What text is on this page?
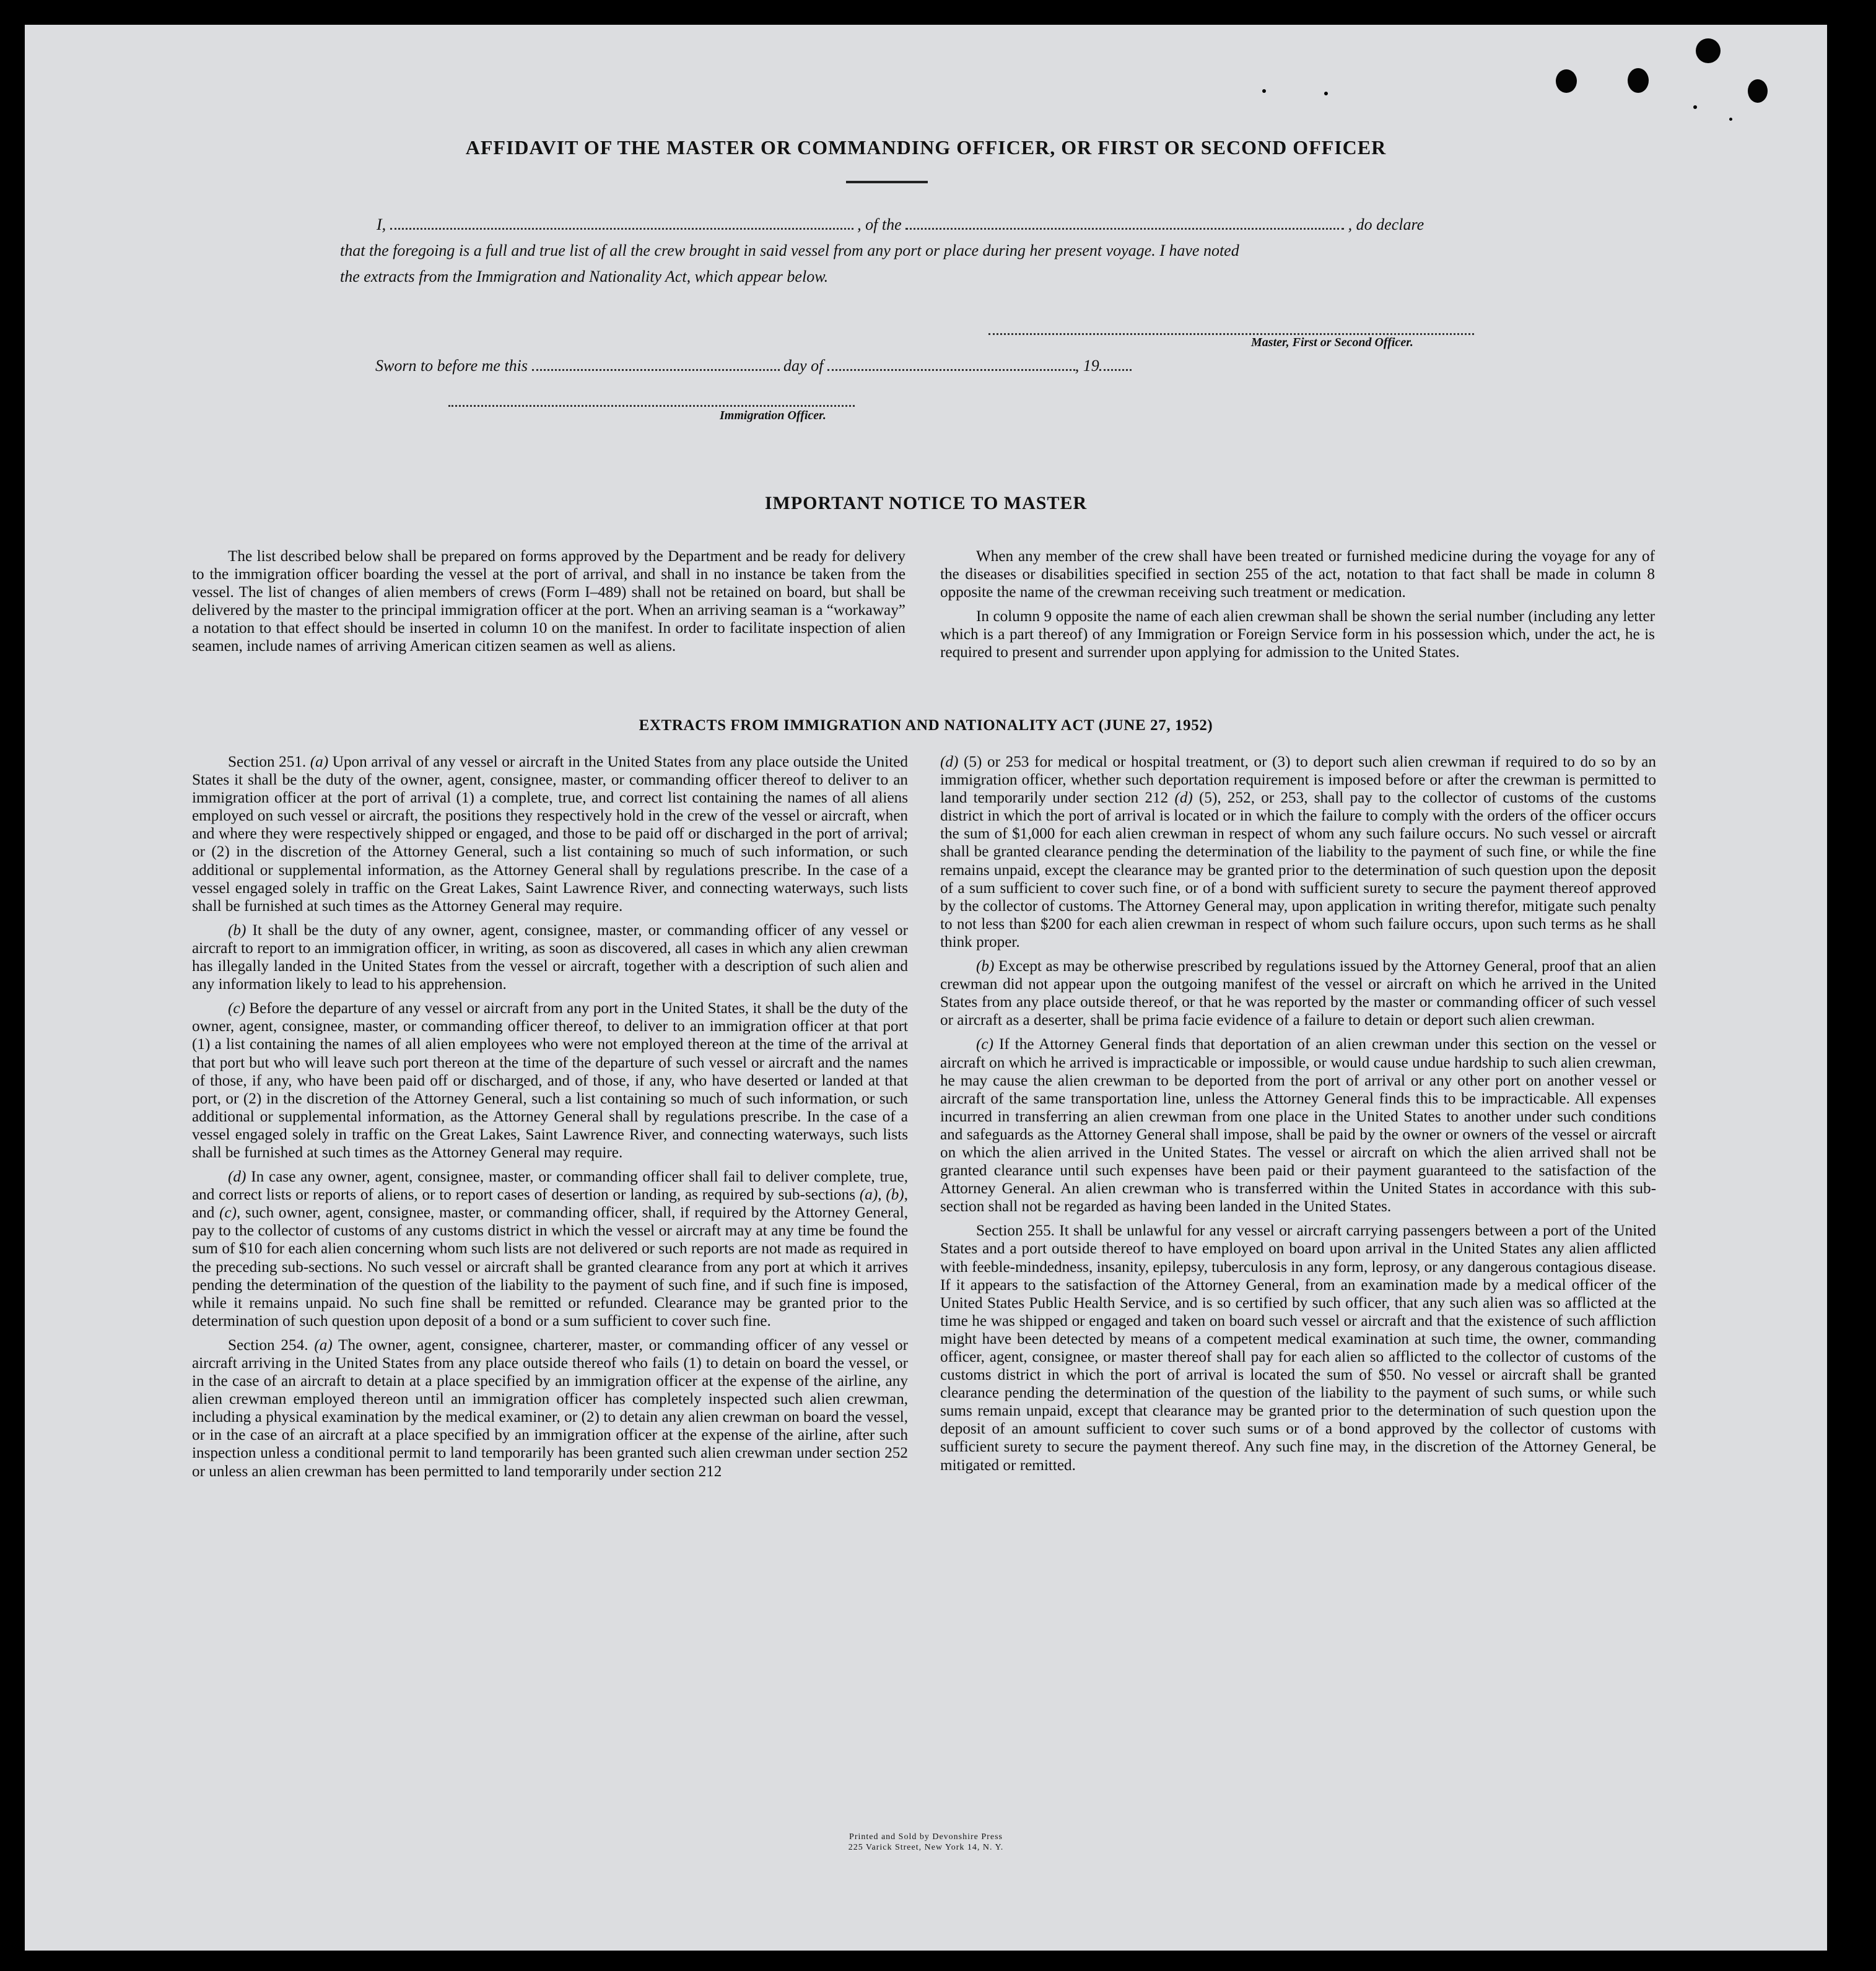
AFFIDAVIT OF THE MASTER OR COMMANDING OFFICER, OR FIRST OR SECOND OFFICER
I,	, of the	, do declare
that the foregoing is a full and true list of all the crew brought in said vessel from any port or place during her present voyage. I have noted
the extracts from the Immigration and Nationality Act, which appear below.
Master, First or Second Officer.
Sworn to before me this	day of	, 19
Immigration Officer.
IMPORTANT NOTICE TO MASTER

The list described below shall be prepared on forms approved by the Department and be ready for delivery to the immigration officer boarding the vessel at the port of arrival, and shall in no instance be taken from the vessel. The list of changes of alien members of crews (Form I–489) shall not be retained on board, but shall be delivered by the master to the principal immigration officer at the port. When an arriving seaman is a “workaway” a notation to that effect should be inserted in column 10 on the manifest. In order to facilitate inspection of alien seamen, include names of arriving American citizen seamen as well as aliens.

When any member of the crew shall have been treated or furnished medicine during the voyage for any of the diseases or disabilities specified in section 255 of the act, notation to that fact shall be made in column 8 opposite the name of the crewman receiving such treatment or medication.

In column 9 opposite the name of each alien crewman shall be shown the serial number (including any letter which is a part thereof) of any Immigration or Foreign Service form in his possession which, under the act, he is required to present and surrender upon applying for admission to the United States.

EXTRACTS FROM IMMIGRATION AND NATIONALITY ACT (JUNE 27, 1952)

Section 251. (a) Upon arrival of any vessel or aircraft in the United States from any place outside the United States it shall be the duty of the owner, agent, consignee, master, or commanding officer thereof to deliver to an immigration officer at the port of arrival (1) a complete, true, and correct list containing the names of all aliens employed on such vessel or aircraft, the positions they respectively hold in the crew of the vessel or aircraft, when and where they were respectively shipped or engaged, and those to be paid off or discharged in the port of arrival; or (2) in the discretion of the Attorney General, such a list containing so much of such information, or such additional or supplemental information, as the Attorney General shall by regulations prescribe. In the case of a vessel engaged solely in traffic on the Great Lakes, Saint Lawrence River, and connecting waterways, such lists shall be furnished at such times as the Attorney General may require.

(b) It shall be the duty of any owner, agent, consignee, master, or commanding officer of any vessel or aircraft to report to an immigration officer, in writing, as soon as discovered, all cases in which any alien crewman has illegally landed in the United States from the vessel or aircraft, together with a description of such alien and any information likely to lead to his apprehension.

(c) Before the departure of any vessel or aircraft from any port in the United States, it shall be the duty of the owner, agent, consignee, master, or commanding officer thereof, to deliver to an immigration officer at that port (1) a list containing the names of all alien employees who were not employed thereon at the time of the arrival at that port but who will leave such port thereon at the time of the departure of such vessel or aircraft and the names of those, if any, who have been paid off or discharged, and of those, if any, who have deserted or landed at that port, or (2) in the discretion of the Attorney General, such a list containing so much of such information, or such additional or supplemental information, as the Attorney General shall by regulations prescribe. In the case of a vessel engaged solely in traffic on the Great Lakes, Saint Lawrence River, and connecting waterways, such lists shall be furnished at such times as the Attorney General may require.

(d) In case any owner, agent, consignee, master, or commanding officer shall fail to deliver complete, true, and correct lists or reports of aliens, or to report cases of desertion or landing, as required by sub-sections (a), (b), and (c), such owner, agent, consignee, master, or commanding officer, shall, if required by the Attorney General, pay to the collector of customs of any customs district in which the vessel or aircraft may at any time be found the sum of $10 for each alien concerning whom such lists are not delivered or such reports are not made as required in the preceding sub-sections. No such vessel or aircraft shall be granted clearance from any port at which it arrives pending the determination of the question of the liability to the payment of such fine, and if such fine is imposed, while it remains unpaid. No such fine shall be remitted or refunded. Clearance may be granted prior to the determination of such question upon deposit of a bond or a sum sufficient to cover such fine.

Section 254. (a) The owner, agent, consignee, charterer, master, or commanding officer of any vessel or aircraft arriving in the United States from any place outside thereof who fails (1) to detain on board the vessel, or in the case of an aircraft to detain at a place specified by an immigration officer at the expense of the airline, any alien crewman employed thereon until an immigration officer has completely inspected such alien crewman, including a physical examination by the medical examiner, or (2) to detain any alien crewman on board the vessel, or in the case of an aircraft at a place specified by an immigration officer at the expense of the airline, after such inspection unless a conditional permit to land temporarily has been granted such alien crewman under section 252 or unless an alien crewman has been permitted to land temporarily under section 212

(d) (5) or 253 for medical or hospital treatment, or (3) to deport such alien crewman if required to do so by an immigration officer, whether such deportation requirement is imposed before or after the crewman is permitted to land temporarily under section 212 (d) (5), 252, or 253, shall pay to the collector of customs of the customs district in which the port of arrival is located or in which the failure to comply with the orders of the officer occurs the sum of $1,000 for each alien crewman in respect of whom any such failure occurs. No such vessel or aircraft shall be granted clearance pending the determination of the liability to the payment of such fine, or while the fine remains unpaid, except the clearance may be granted prior to the determination of such question upon the deposit of a sum sufficient to cover such fine, or of a bond with sufficient surety to secure the payment thereof approved by the collector of customs. The Attorney General may, upon application in writing therefor, mitigate such penalty to not less than $200 for each alien crewman in respect of whom such failure occurs, upon such terms as he shall think proper.

(b) Except as may be otherwise prescribed by regulations issued by the Attorney General, proof that an alien crewman did not appear upon the outgoing manifest of the vessel or aircraft on which he arrived in the United States from any place outside thereof, or that he was reported by the master or commanding officer of such vessel or aircraft as a deserter, shall be prima facie evidence of a failure to detain or deport such alien crewman.

(c) If the Attorney General finds that deportation of an alien crewman under this section on the vessel or aircraft on which he arrived is impracticable or impossible, or would cause undue hardship to such alien crewman, he may cause the alien crewman to be deported from the port of arrival or any other port on another vessel or aircraft of the same transportation line, unless the Attorney General finds this to be impracticable. All expenses incurred in transferring an alien crewman from one place in the United States to another under such conditions and safeguards as the Attorney General shall impose, shall be paid by the owner or owners of the vessel or aircraft on which the alien arrived in the United States. The vessel or aircraft on which the alien arrived shall not be granted clearance until such expenses have been paid or their payment guaranteed to the satisfaction of the Attorney General. An alien crewman who is transferred within the United States in accordance with this sub-section shall not be regarded as having been landed in the United States.

Section 255. It shall be unlawful for any vessel or aircraft carrying passengers between a port of the United States and a port outside thereof to have employed on board upon arrival in the United States any alien afflicted with feeble-mindedness, insanity, epilepsy, tuberculosis in any form, leprosy, or any dangerous contagious disease. If it appears to the satisfaction of the Attorney General, from an examination made by a medical officer of the United States Public Health Service, and is so certified by such officer, that any such alien was so afflicted at the time he was shipped or engaged and taken on board such vessel or aircraft and that the existence of such affliction might have been detected by means of a competent medical examination at such time, the owner, commanding officer, agent, consignee, or master thereof shall pay for each alien so afflicted to the collector of customs of the customs district in which the port of arrival is located the sum of $50. No vessel or aircraft shall be granted clearance pending the determination of the question of the liability to the payment of such sums, or while such sums remain unpaid, except that clearance may be granted prior to the determination of such question upon the deposit of an amount sufficient to cover such sums or of a bond approved by the collector of customs with sufficient surety to secure the payment thereof. Any such fine may, in the discretion of the Attorney General, be mitigated or remitted.

Printed and Sold by Devonshire Press
225 Varick Street, New York 14, N. Y.
